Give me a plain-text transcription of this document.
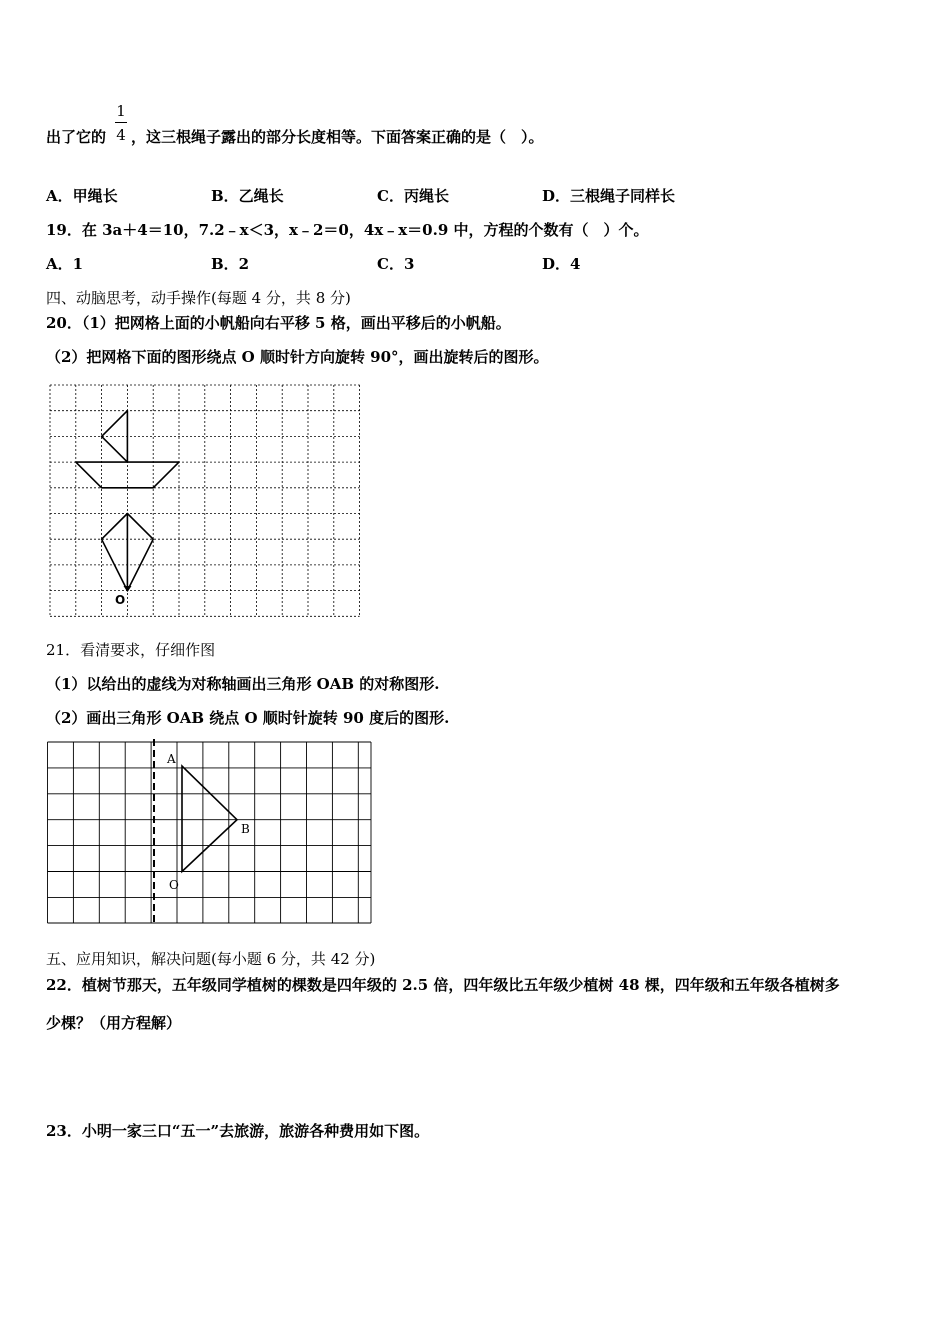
1
4
出了它的 ，这三根绳子露出的部分长度相等。下面答案正确的是（　）。
A．甲绳长	B．乙绳长	C．丙绳长	D．三根绳子同样长
19．在 3a＋4＝10，7.2﹣x＜3，x﹣2＝0，4x﹣x＝0.9 中，方程的个数有（　）个。
A．1	B．2	C．3	D．4
四、动脑思考，动手操作(每题 4 分，共 8 分)
20．（1）把网格上面的小帆船向右平移 5 格，画出平移后的小帆船。
（2）把网格下面的图形绕点 O 顺时针方向旋转 90°，画出旋转后的图形。
O
21．看清要求，仔细作图
（1）以给出的虚线为对称轴画出三角形 OAB 的对称图形.
（2）画出三角形 OAB 绕点 O 顺时针旋转 90 度后的图形.
A
B
O
五、应用知识，解决问题(每小题 6 分，共 42 分)
22．植树节那天，五年级同学植树的棵数是四年级的 2.5 倍，四年级比五年级少植树 48 棵，四年级和五年级各植树多
少棵？（用方程解）
23．小明一家三口“五一”去旅游，旅游各种费用如下图。
